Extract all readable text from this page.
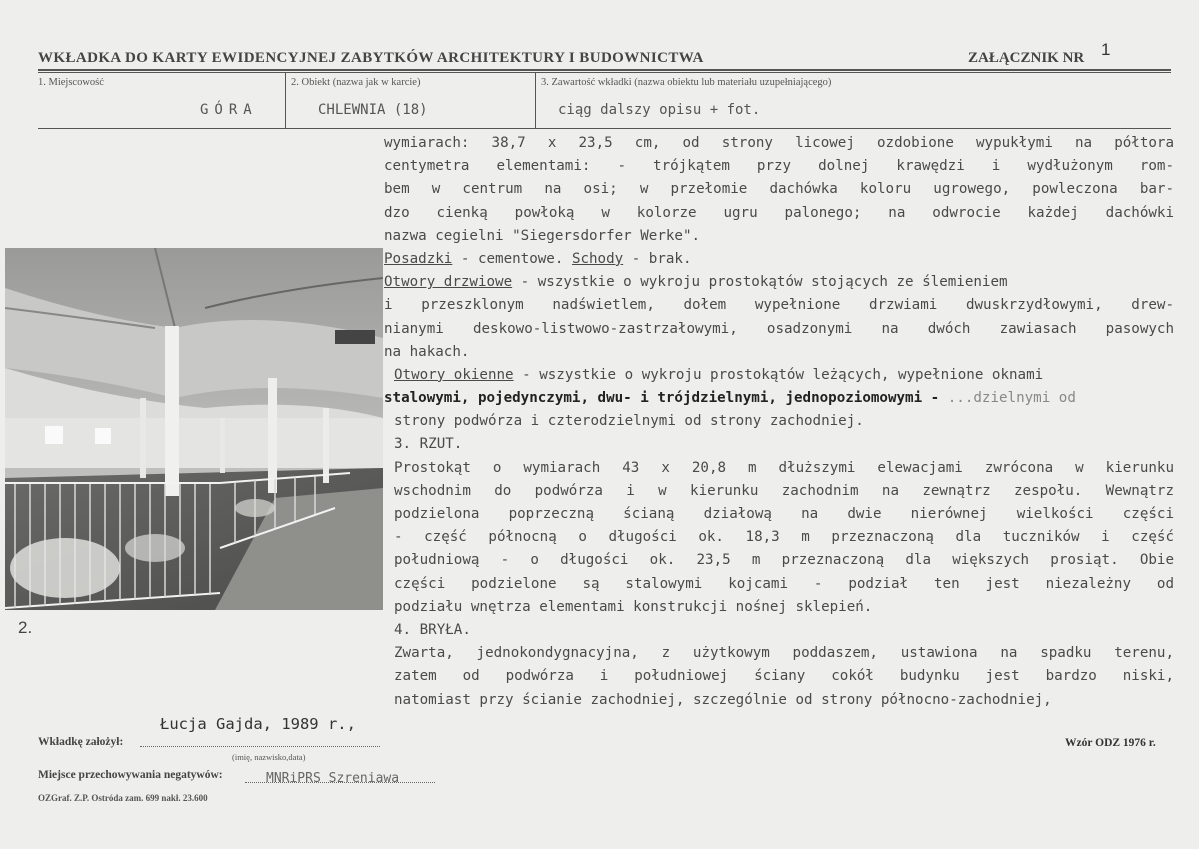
WKŁADKA DO KARTY EWIDENCYJNEJ ZABYTKÓW ARCHITEKTURY I BUDOWNICTWA	ZAŁĄCZNIK NR 1
1. Miejscowość
GÓRA
2. Obiekt (nazwa jak w karcie)
CHLEWNIA (18)
3. Zawartość wkładki (nazwa obiektu lub materiału uzupełniającego)
ciąg dalszy opisu + fot.
2.
wymiarach: 38,7 x 23,5 cm, od strony licowej ozdobione wypukłymi na półtora
centymetra elementami: - trójkątem przy dolnej krawędzi i wydłużonym rom-
bem w centrum na osi; w przełomie dachówka koloru ugrowego, powleczona bar-
dzo cienką powłoką w kolorze ugru palonego; na odwrocie każdej dachówki
nazwa cegielni "Siegersdorfer Werke".
Posadzki - cementowe. Schody - brak.
Otwory drzwiowe - wszystkie o wykroju prostokątów stojących ze ślemieniem
i przeszklonym nadświetlem, dołem wypełnione drzwiami dwuskrzydłowymi, drew-
nianymi deskowo-listwowo-zastrzałowymi, osadzonymi na dwóch zawiasach pasowych
na hakach.
Otwory okienne - wszystkie o wykroju prostokątów leżących, wypełnione oknami
stalowymi, pojedynczymi, dwu- i trójdzielnymi, jednopoziomowymi - ...dzielnymi od
strony podwórza i czterodzielnymi od strony zachodniej.
3. RZUT.
Prostokąt o wymiarach 43 x 20,8 m dłuższymi elewacjami zwrócona w kierunku
wschodnim do podwórza i w kierunku zachodnim na zewnątrz zespołu. Wewnątrz
podzielona poprzeczną ścianą działową na dwie nierównej wielkości części
- część północną o długości ok. 18,3 m przeznaczoną dla tuczników i część
południową - o długości ok. 23,5 m przeznaczoną dla większych prosiąt. Obie
części podzielone są stalowymi kojcami - podział ten jest niezależny od
podziału wnętrza elementami konstrukcji nośnej sklepień.
4. BRYŁA.
Zwarta, jednokondygnacyjna, z użytkowym poddaszem, ustawiona na spadku terenu,
zatem od podwórza i południowej ściany cokół budynku jest bardzo niski,
natomiast przy ścianie zachodniej, szczególnie od strony północno-zachodniej,
Wkładkę założył:
Łucja Gajda, 1989 r.,
(imię, nazwisko,data)
Miejsce przechowywania negatywów:	MNRiPRS Szreniawa
OZGraf. Z.P. Ostróda zam. 699 nakł. 23.600
Wzór ODZ 1976 r.
